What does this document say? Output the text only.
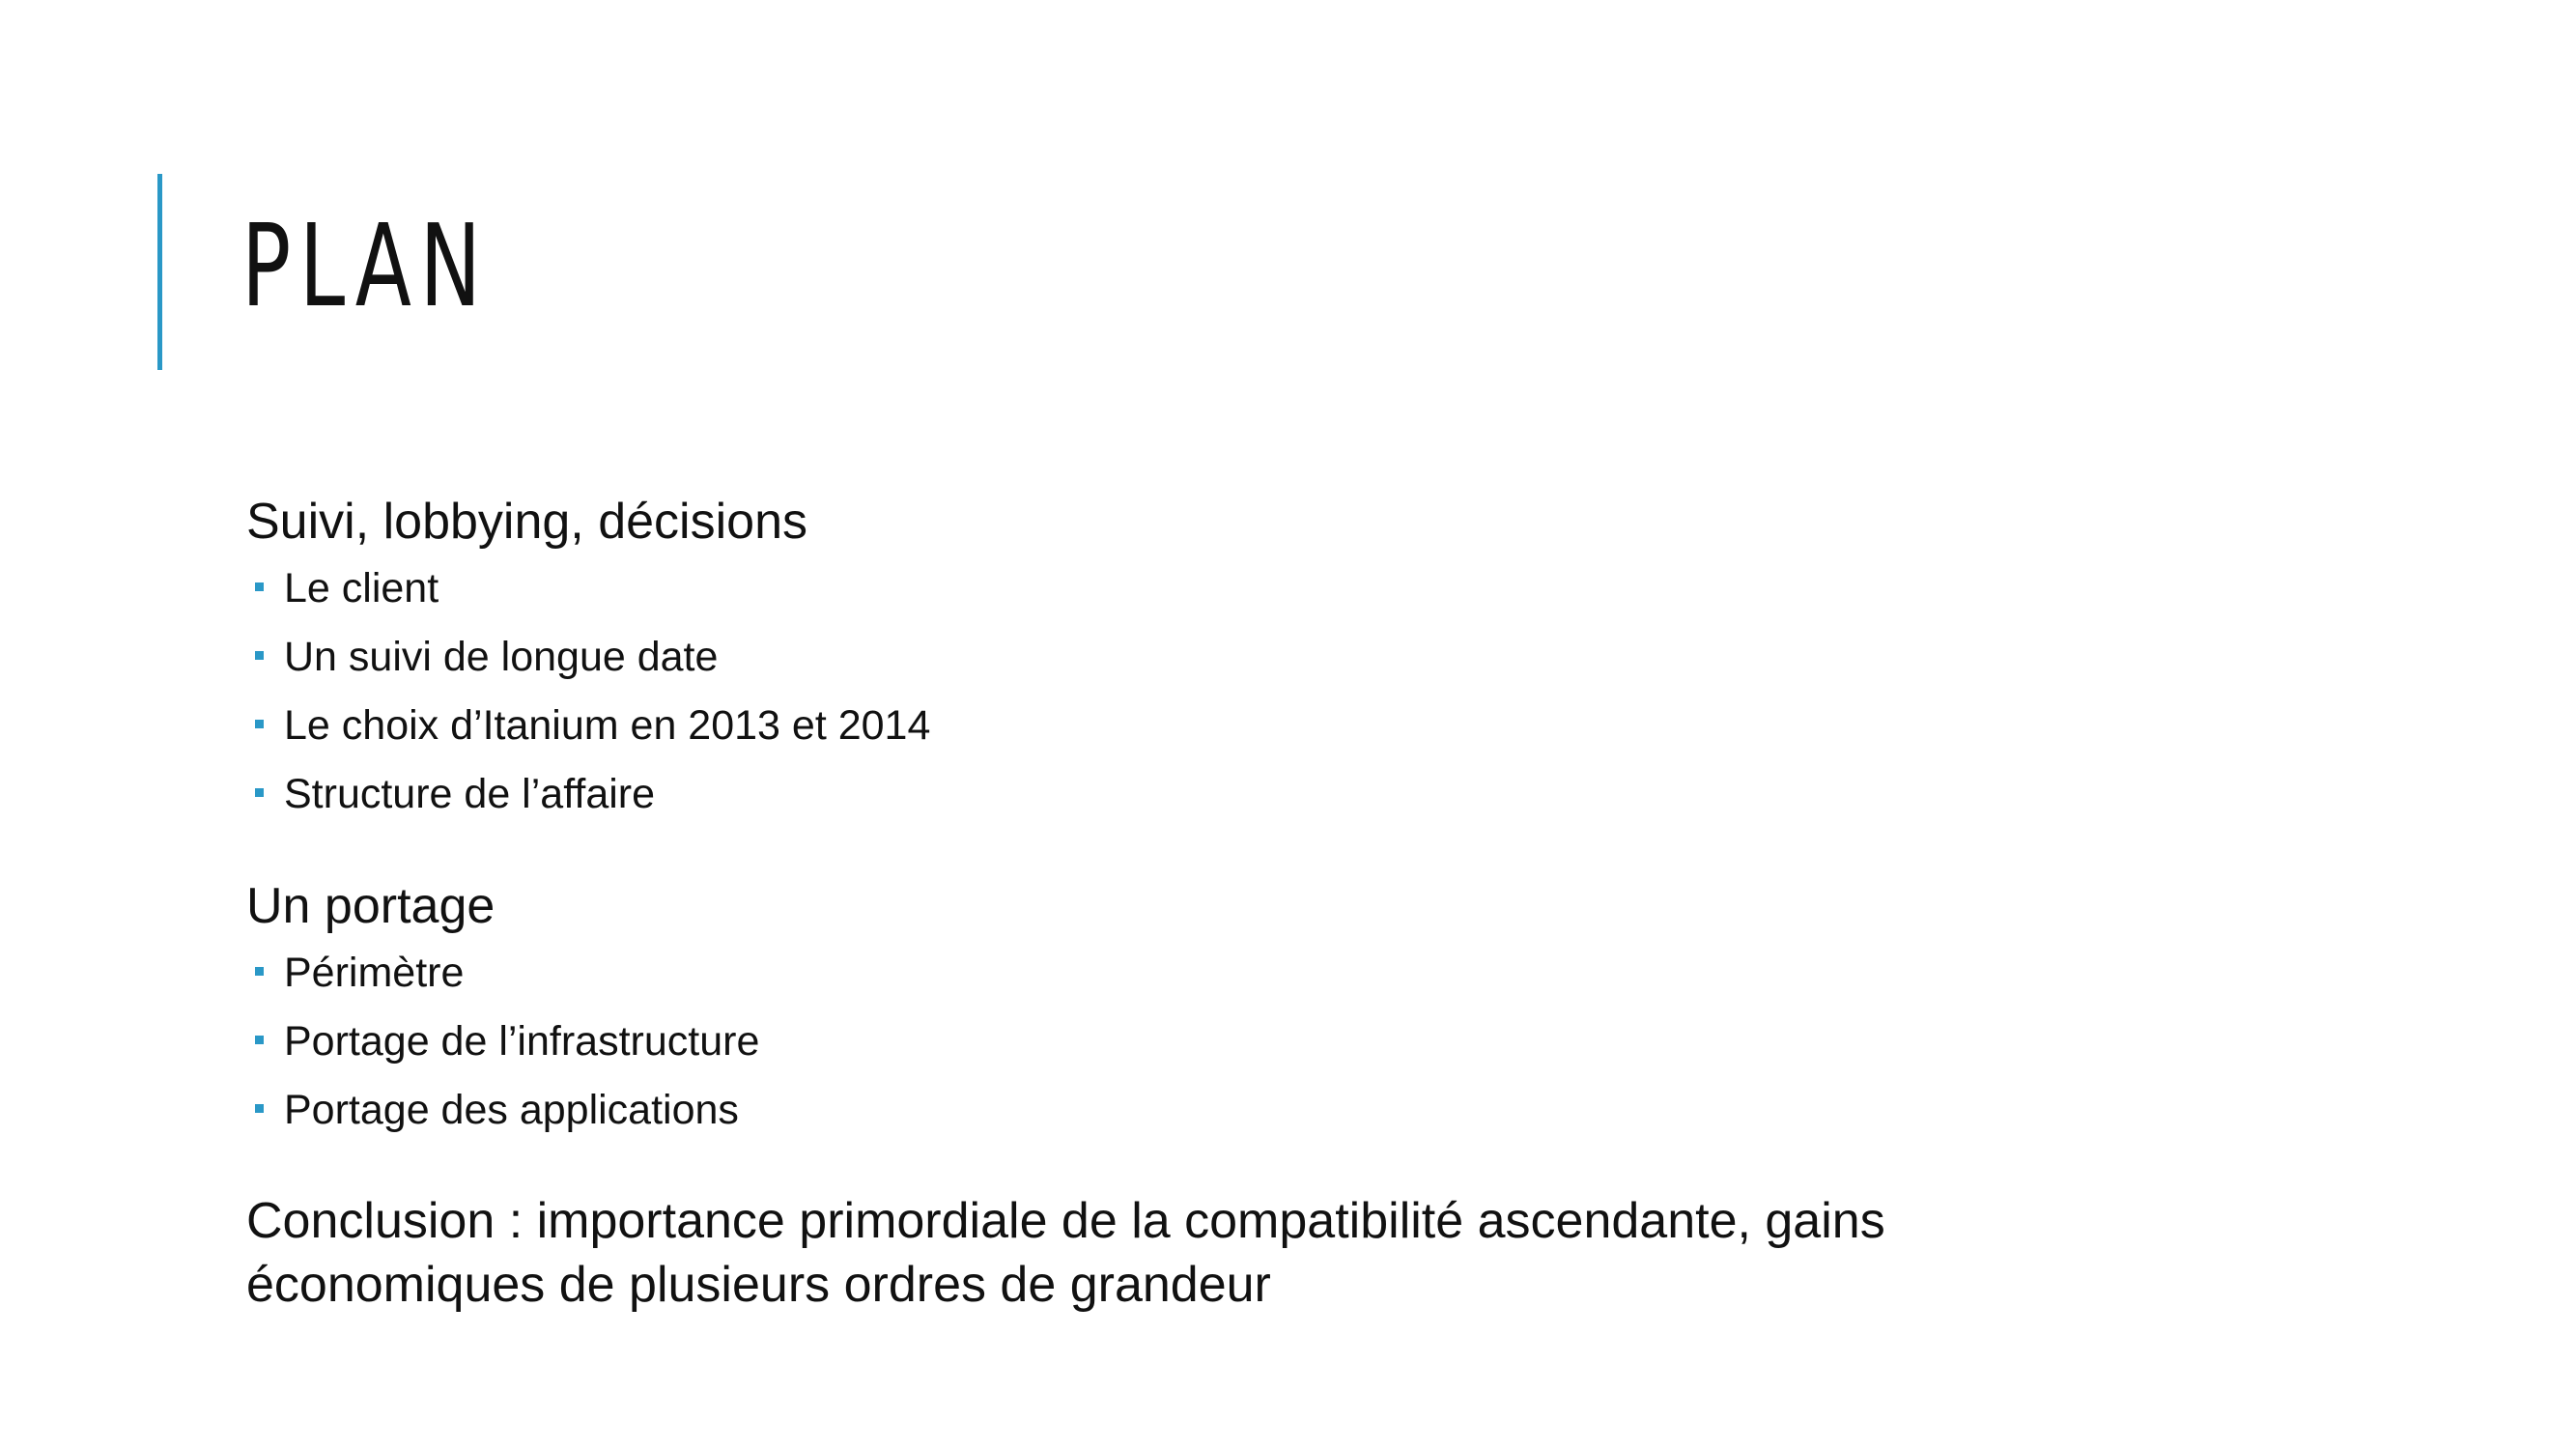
PLAN

Suivi, lobbying, décisions

Le client
Un suivi de longue date
Le choix d’Itanium en 2013 et 2014
Structure de l’affaire

Un portage

Périmètre
Portage de l’infrastructure
Portage des applications

Conclusion : importance primordiale de la compatibilité ascendante, gains économiques de plusieurs ordres de grandeur
